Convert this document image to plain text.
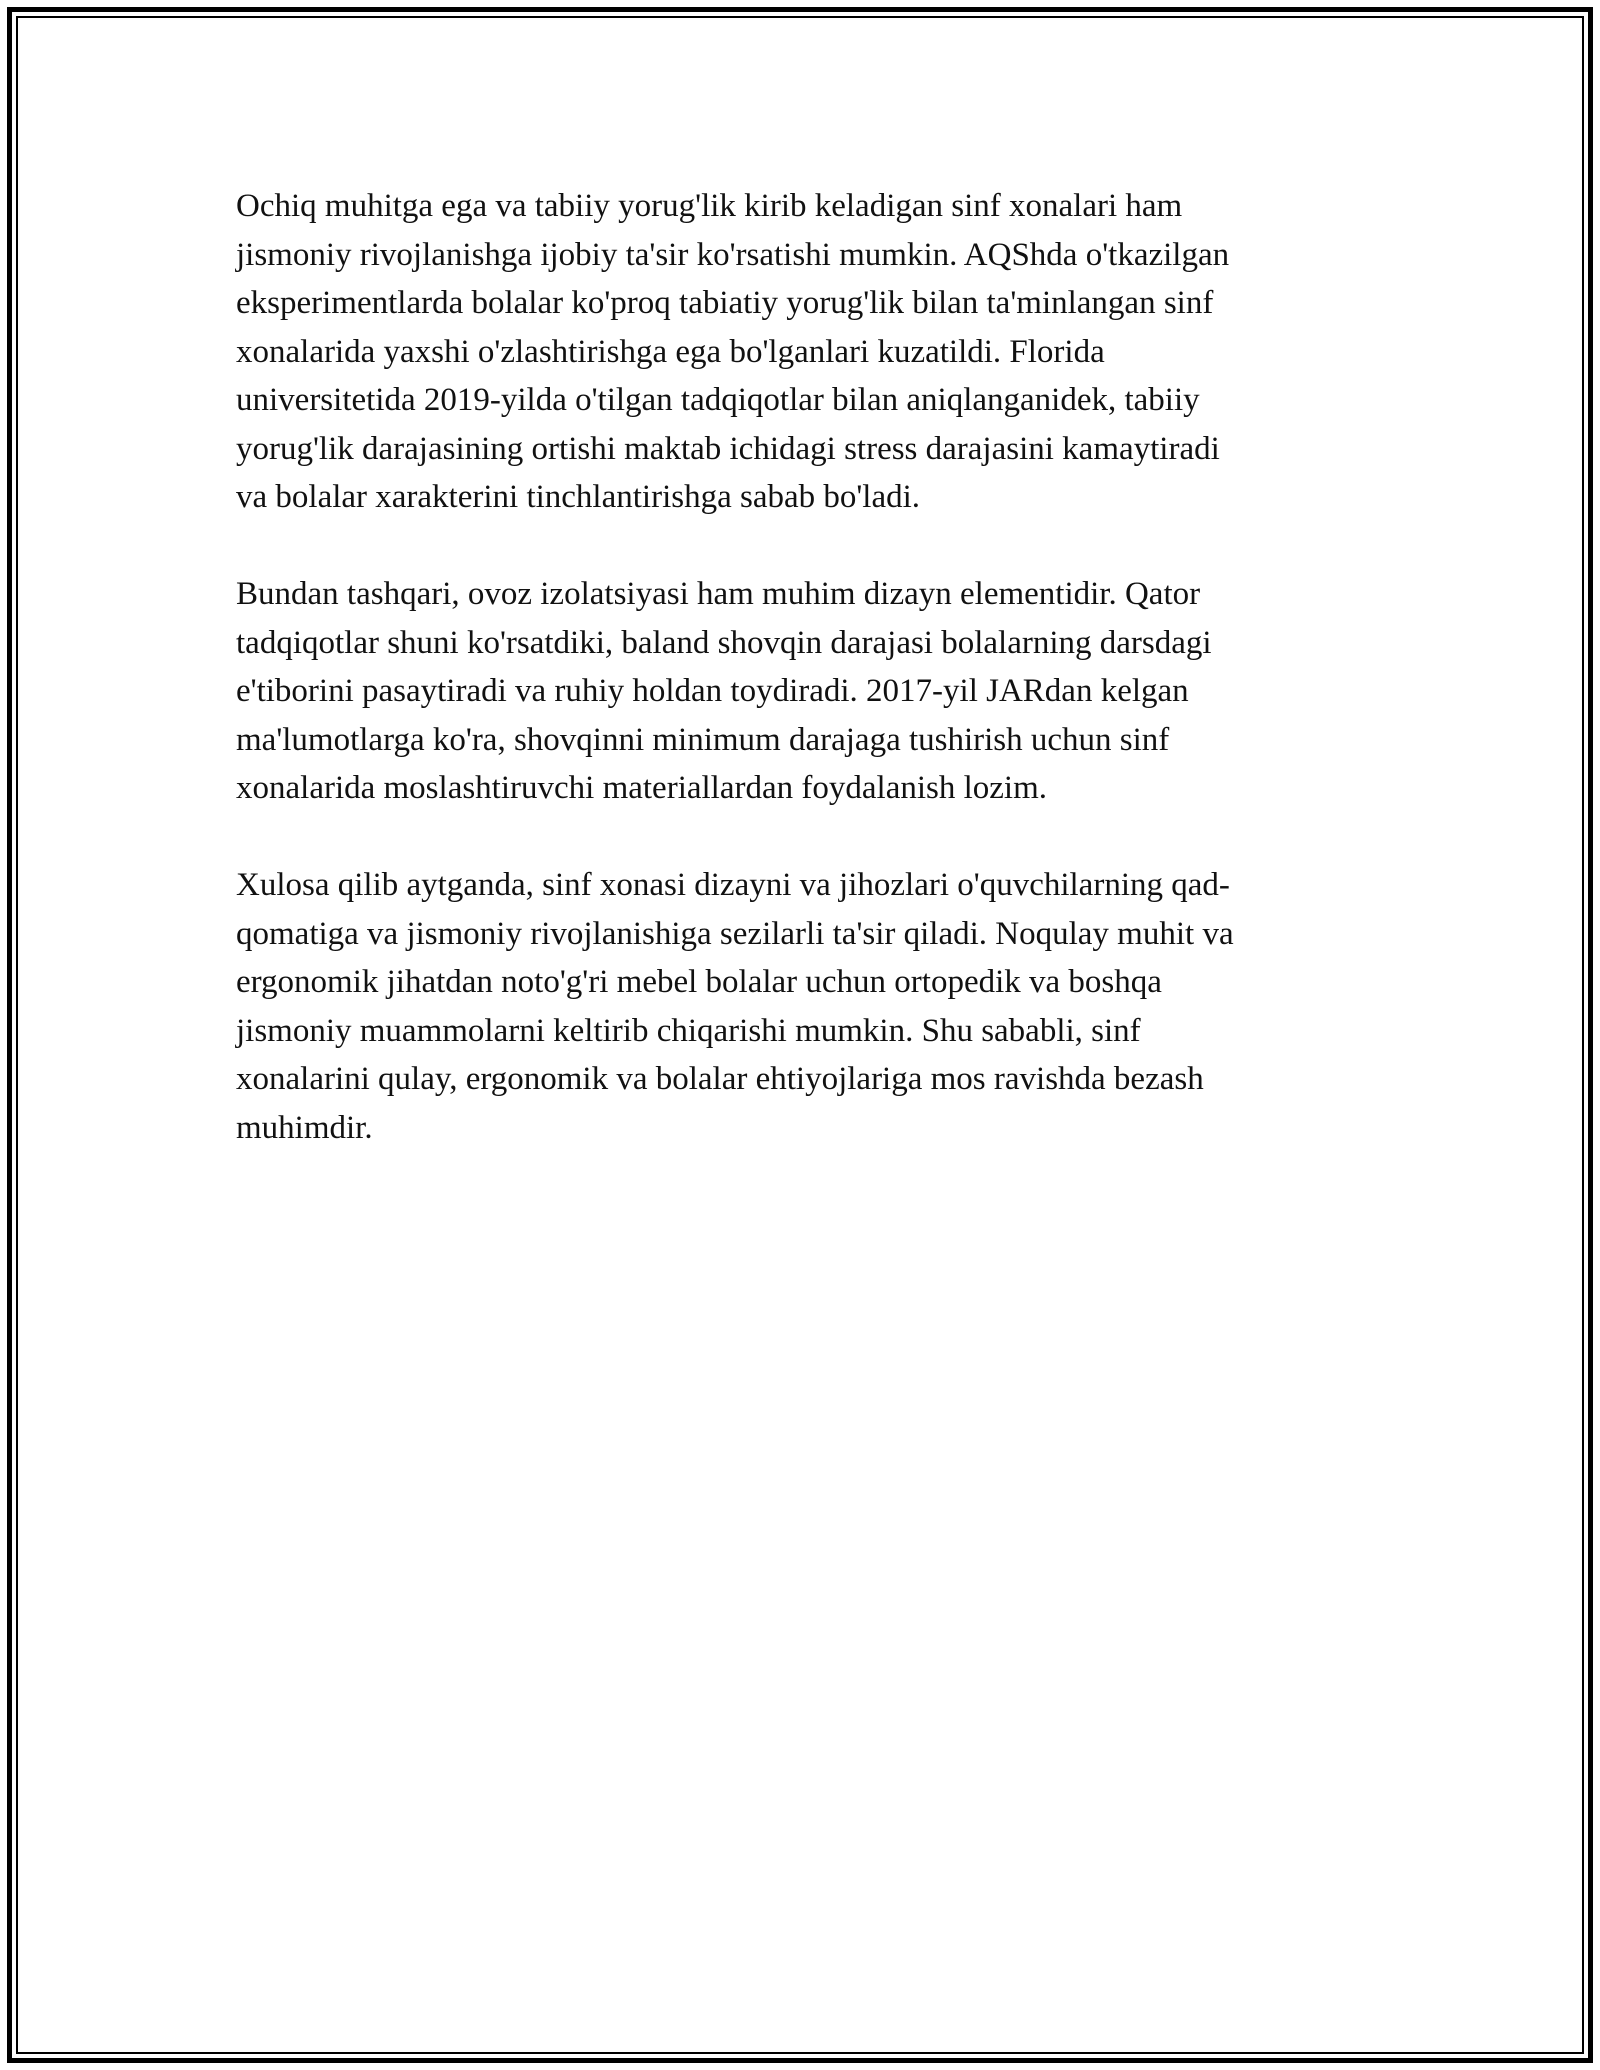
Ochiq muhitga ega va tabiiy yorug'lik kirib keladigan sinf xonalari ham
jismoniy rivojlanishga ijobiy ta'sir ko'rsatishi mumkin. AQShda o'tkazilgan
eksperimentlarda bolalar ko'proq tabiatiy yorug'lik bilan ta'minlangan sinf
xonalarida yaxshi o'zlashtirishga ega bo'lganlari kuzatildi. Florida
universitetida 2019-yilda o'tilgan tadqiqotlar bilan aniqlanganidek, tabiiy
yorug'lik darajasining ortishi maktab ichidagi stress darajasini kamaytiradi
va bolalar xarakterini tinchlantirishga sabab bo'ladi.

Bundan tashqari, ovoz izolatsiyasi ham muhim dizayn elementidir. Qator
tadqiqotlar shuni ko'rsatdiki, baland shovqin darajasi bolalarning darsdagi
e'tiborini pasaytiradi va ruhiy holdan toydiradi. 2017-yil JARdan kelgan
ma'lumotlarga ko'ra, shovqinni minimum darajaga tushirish uchun sinf
xonalarida moslashtiruvchi materiallardan foydalanish lozim.

Xulosa qilib aytganda, sinf xonasi dizayni va jihozlari o'quvchilarning qad-
qomatiga va jismoniy rivojlanishiga sezilarli ta'sir qiladi. Noqulay muhit va
ergonomik jihatdan noto'g'ri mebel bolalar uchun ortopedik va boshqa
jismoniy muammolarni keltirib chiqarishi mumkin. Shu sababli, sinf
xonalarini qulay, ergonomik va bolalar ehtiyojlariga mos ravishda bezash
muhimdir.
